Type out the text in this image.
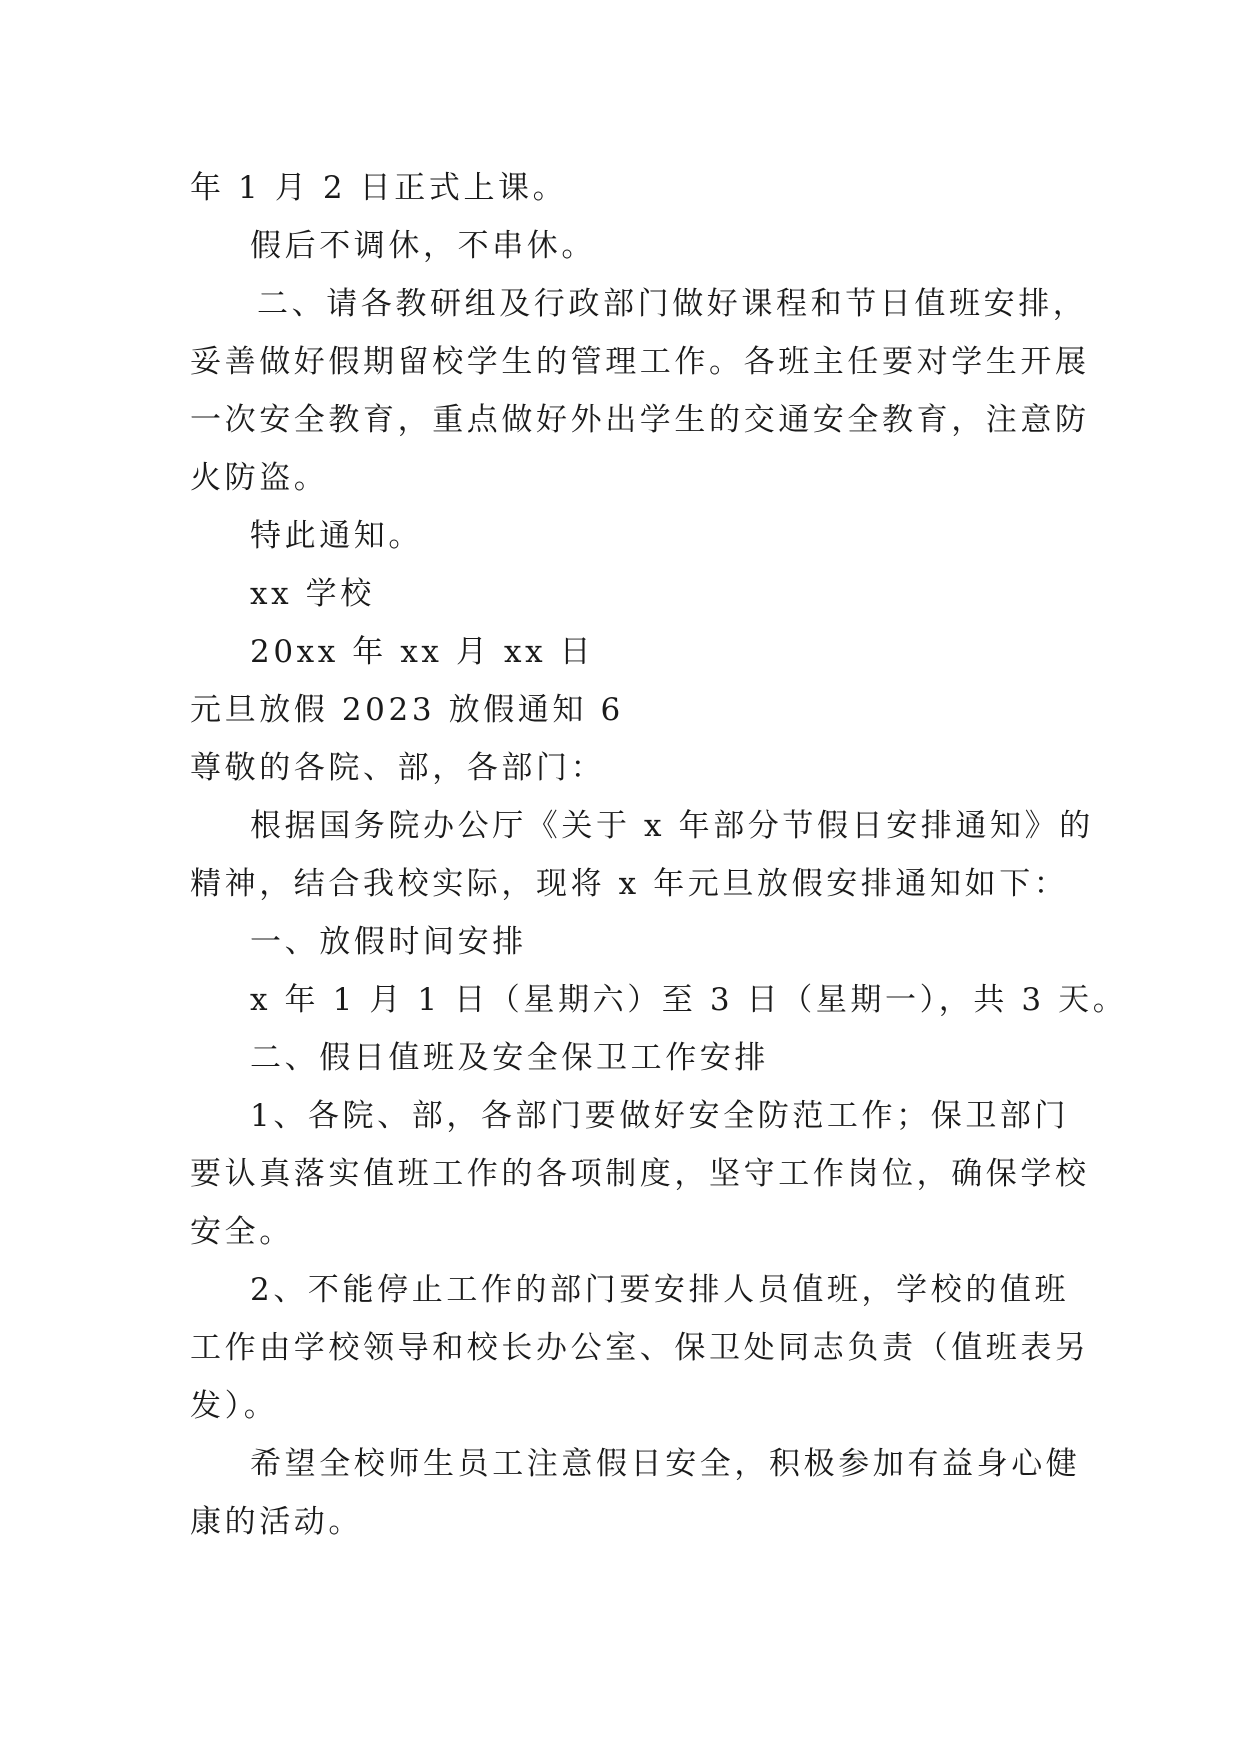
年 1 月 2 日正式上课。
假后不调休，不串休。
二、请各教研组及行政部门做好课程和节日值班安排，
妥善做好假期留校学生的管理工作。各班主任要对学生开展
一次安全教育，重点做好外出学生的交通安全教育，注意防
火防盗。
特此通知。
xx 学校
20xx 年 xx 月 xx 日
元旦放假 2023 放假通知 6
尊敬的各院、部，各部门：
根据国务院办公厅《关于 x 年部分节假日安排通知》的
精神，结合我校实际，现将 x 年元旦放假安排通知如下：
一、放假时间安排
x 年 1 月 1 日（星期六）至 3 日（星期一），共 3 天。
二、假日值班及安全保卫工作安排
1、各院、部，各部门要做好安全防范工作；保卫部门
要认真落实值班工作的各项制度，坚守工作岗位，确保学校
安全。
2、不能停止工作的部门要安排人员值班，学校的值班
工作由学校领导和校长办公室、保卫处同志负责（值班表另
发）。
希望全校师生员工注意假日安全，积极参加有益身心健
康的活动。
